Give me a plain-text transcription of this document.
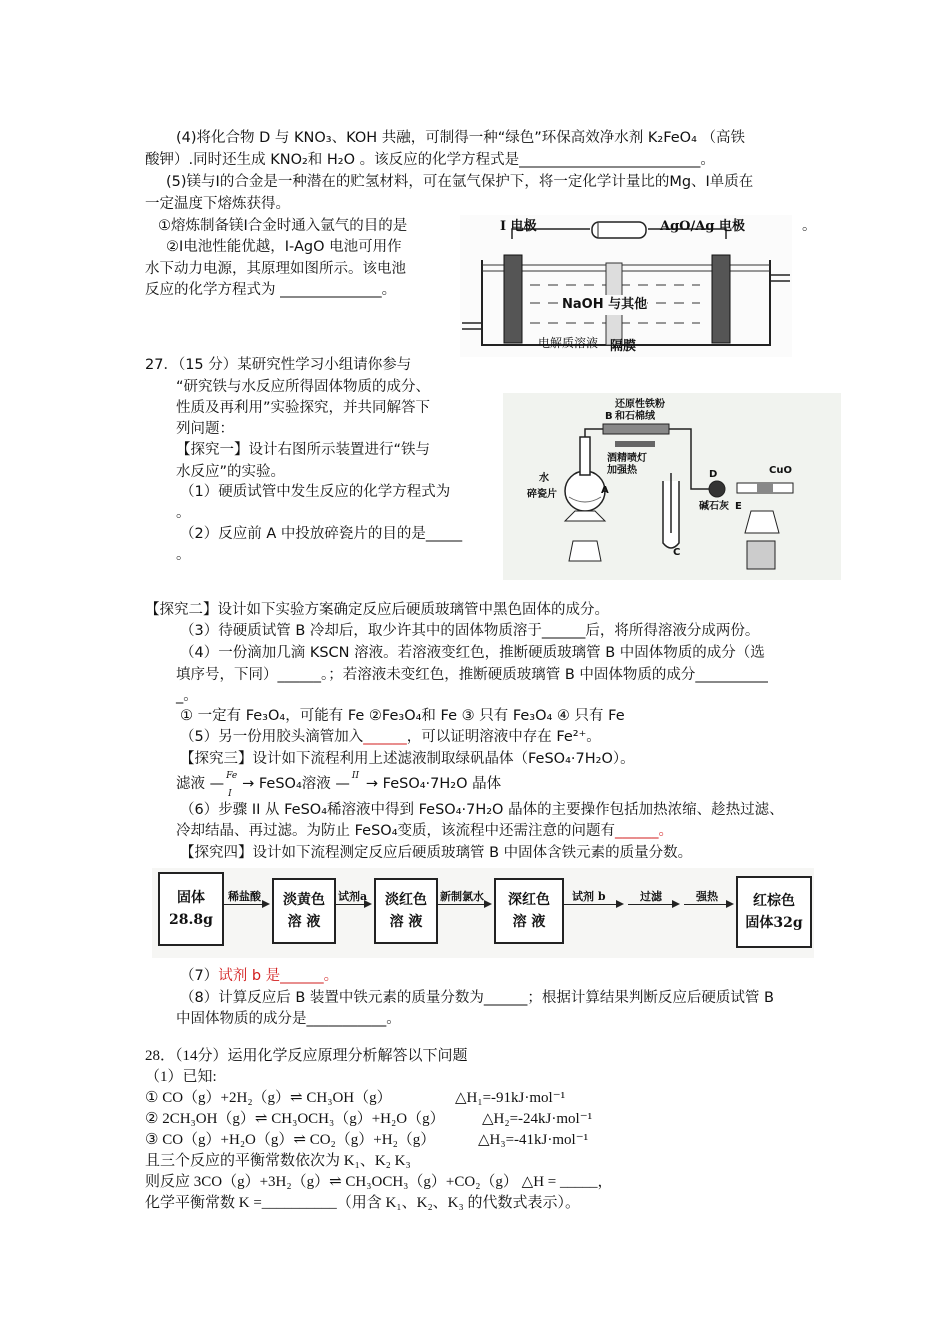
(4)将化合物 D 与 KNO₃、KOH 共融，可制得一种“绿色”环保高效净水剂 K₂FeO₄ （高铁
酸钾）.同时还生成 KNO₂和 H₂O 。该反应的化学方程式是_________________________。
(5)镁与I的合金是一种潜在的贮氢材料，可在氩气保护下，将一定化学计量比的Mg、I单质在
一定温度下熔炼获得。
①熔炼制备镁I合金时通入氩气的目的是	。
②I电池性能优越，I-AgO 电池可用作
水下动力电源，其原理如图所示。该电池
反应的化学方程式为 ______________。
I 电极	AgO/Ag 电极
NaOH 与其他
电解质溶液 隔膜
27．（15 分）某研究性学习小组请你参与
“研究铁与水反应所得固体物质的成分、
性质及再利用”实验探究，并共同解答下
列问题：
【探究一】设计右图所示装置进行“铁与
水反应”的实验。
（1）硬质试管中发生反应的化学方程式为
。
（2）反应前 A 中投放碎瓷片的目的是_____
。
还原性铁粉
和石棉绒
B
酒精喷灯
加强热
水
碎瓷片	A
C
D
碱石灰 E
CuO
【探究二】设计如下实验方案确定反应后硬质玻璃管中黑色固体的成分。
（3）待硬质试管 B 冷却后，取少许其中的固体物质溶于______后，将所得溶液分成两份。
（4）一份滴加几滴 KSCN 溶液。若溶液变红色，推断硬质玻璃管 B 中固体物质的成分（选
填序号，下同）______。；若溶液未变红色，推断硬质玻璃管 B 中固体物质的成分__________
_。
① 一定有 Fe₃O₄，可能有 Fe ②Fe₃O₄和 Fe ③ 只有 Fe₃O₄ ④ 只有 Fe
（5）另一份用胶头滴管加入______，可以证明溶液中存在 Fe²⁺。
【探究三】设计如下流程利用上述滤液制取绿矾晶体（FeSO₄·7H₂O）。
滤液 — Fe
I
→ FeSO₄溶液 — II → FeSO₄·7H₂O 晶体
（6）步骤 II 从 FeSO₄稀溶液中得到 FeSO₄·7H₂O 晶体的主要操作包括加热浓缩、趁热过滤、
冷却结晶、再过滤。为防止 FeSO₄变质，该流程中还需注意的问题有______。
【探究四】设计如下流程测定反应后硬质玻璃管 B 中固体含铁元素的质量分数。
固体
28.8g
稀盐酸	淡黄色
溶 液
试剂a	淡红色
溶 液
新制氯水	深红色
溶 液
试剂 b	过滤	强热	红棕色
固体32g
（7）试剂 b 是______。
（8）计算反应后 B 装置中铁元素的质量分数为______；根据计算结果判断反应后硬质试管 B
中固体物质的成分是___________。
28．（14分）运用化学反应原理分析解答以下问题
（1）已知:
① CO（g）+2H₂（g）⇌ CH₃OH（g）	△H₁=-91kJ·mol⁻¹
② 2CH₃OH（g）⇌ CH₃OCH₃（g）+H₂O（g） △H₂=-24kJ·mol⁻¹
③ CO（g）+H₂O（g）⇌ CO₂（g）+H₂（g）	△H₃=-41kJ·mol⁻¹
且三个反应的平衡常数依次为 K₁、K₂ K₃
则反应 3CO（g）+3H₂（g）⇌ CH₃OCH₃（g）+CO₂（g） △H = _____，
化学平衡常数 K =__________（用含 K₁、K₂、K₃ 的代数式表示）。
